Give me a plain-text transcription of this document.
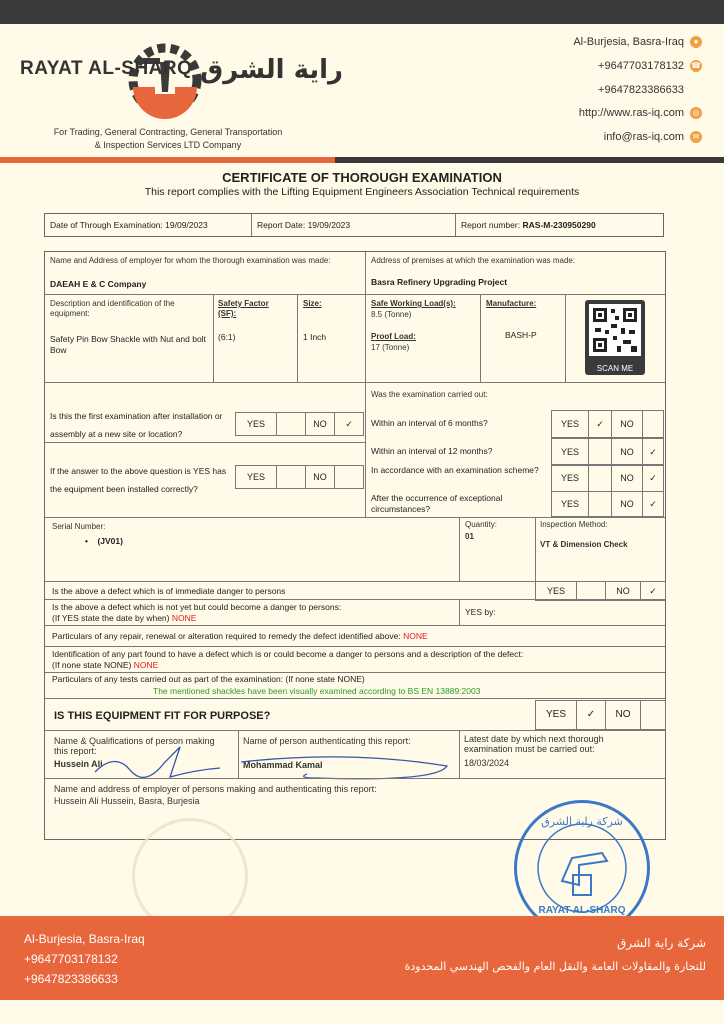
RAYAT AL-SHARQ راية الشرق
For Trading, General Contracting, General Transportation
& Inspection Services LTD Company
Al-Burjesia, Basra-Iraq	●
+9647703178132 ☎
+9647823386633
http://www.ras-iq.com	◎
info@ras-iq.com	✉
CERTIFICATE OF THOROUGH EXAMINATION
This report complies with the Lifting Equipment Engineers Association Technical requirements
Date of Through Examination: 19/09/2023	Report Date: 19/09/2023	Report number: RAS-M-230950290
Name and Address of employer for whom the thorough examination was made:
DAEAH E & C Company
Address of premises at which the examination was made:
Basra Refinery Upgrading Project
Description and identification of the equipment:
Safety Pin Bow Shackle with Nut and bolt Bow
Safety Factor (SF):
(6:1)
Size:
1 Inch
Safe Working Load(s):
8.5 (Tonne)
Proof Load:
17 (Tonne)
Manufacture:
BASH-P
SCAN ME
Was the examination carried out:
Is this the first examination after installation or assembly at a new site or location?
YES	NO	✓
If the answer to the above question is YES has the equipment been installed correctly?
YES	NO
Within an interval of 6 months?	YES	✓	NO
Within an interval of 12 months?	YES	NO	✓
In accordance with an examination scheme?
YES	NO	✓
After the occurrence of exceptional circumstances?	YES	NO	✓
Serial Number:
•    (JV01)
Quantity:
01
Inspection Method:
VT & Dimension Check
Is the above a defect which is of immediate danger to persons	YES	NO	✓
Is the above a defect which is not yet but could become a danger to persons:
(If YES state the date by when) NONE
YES by:
Particulars of any repair, renewal or alteration required to remedy the defect identified above: NONE
Identification of any part found to have a defect which is or could become a danger to persons and a description of the defect:
(If none state NONE) NONE
Particulars of any tests carried out as part of the examination: (If none state NONE)
The mentioned shackles have been visually examined according to BS EN 13889:2003
IS THIS EQUIPMENT FIT FOR PURPOSE?	YES	✓	NO
Name & Qualifications of person making this report:
Hussein Ali
Name of person authenticating this report:
Mohammad Kamal
Latest date by which next thorough examination must be carried out:
18/03/2024
Name and address of employer of persons making and authenticating this report:
Hussein Ali Hussein, Basra, Burjesia
شركة راية الشرق
RAYAT AL-SHARQ
Al-Burjesia, Basra-Iraq
+9647703178132
+9647823386633
شركة راية الشرق
للتجارة والمقاولات العامة والنقل العام والفحص الهندسي المحدودة
